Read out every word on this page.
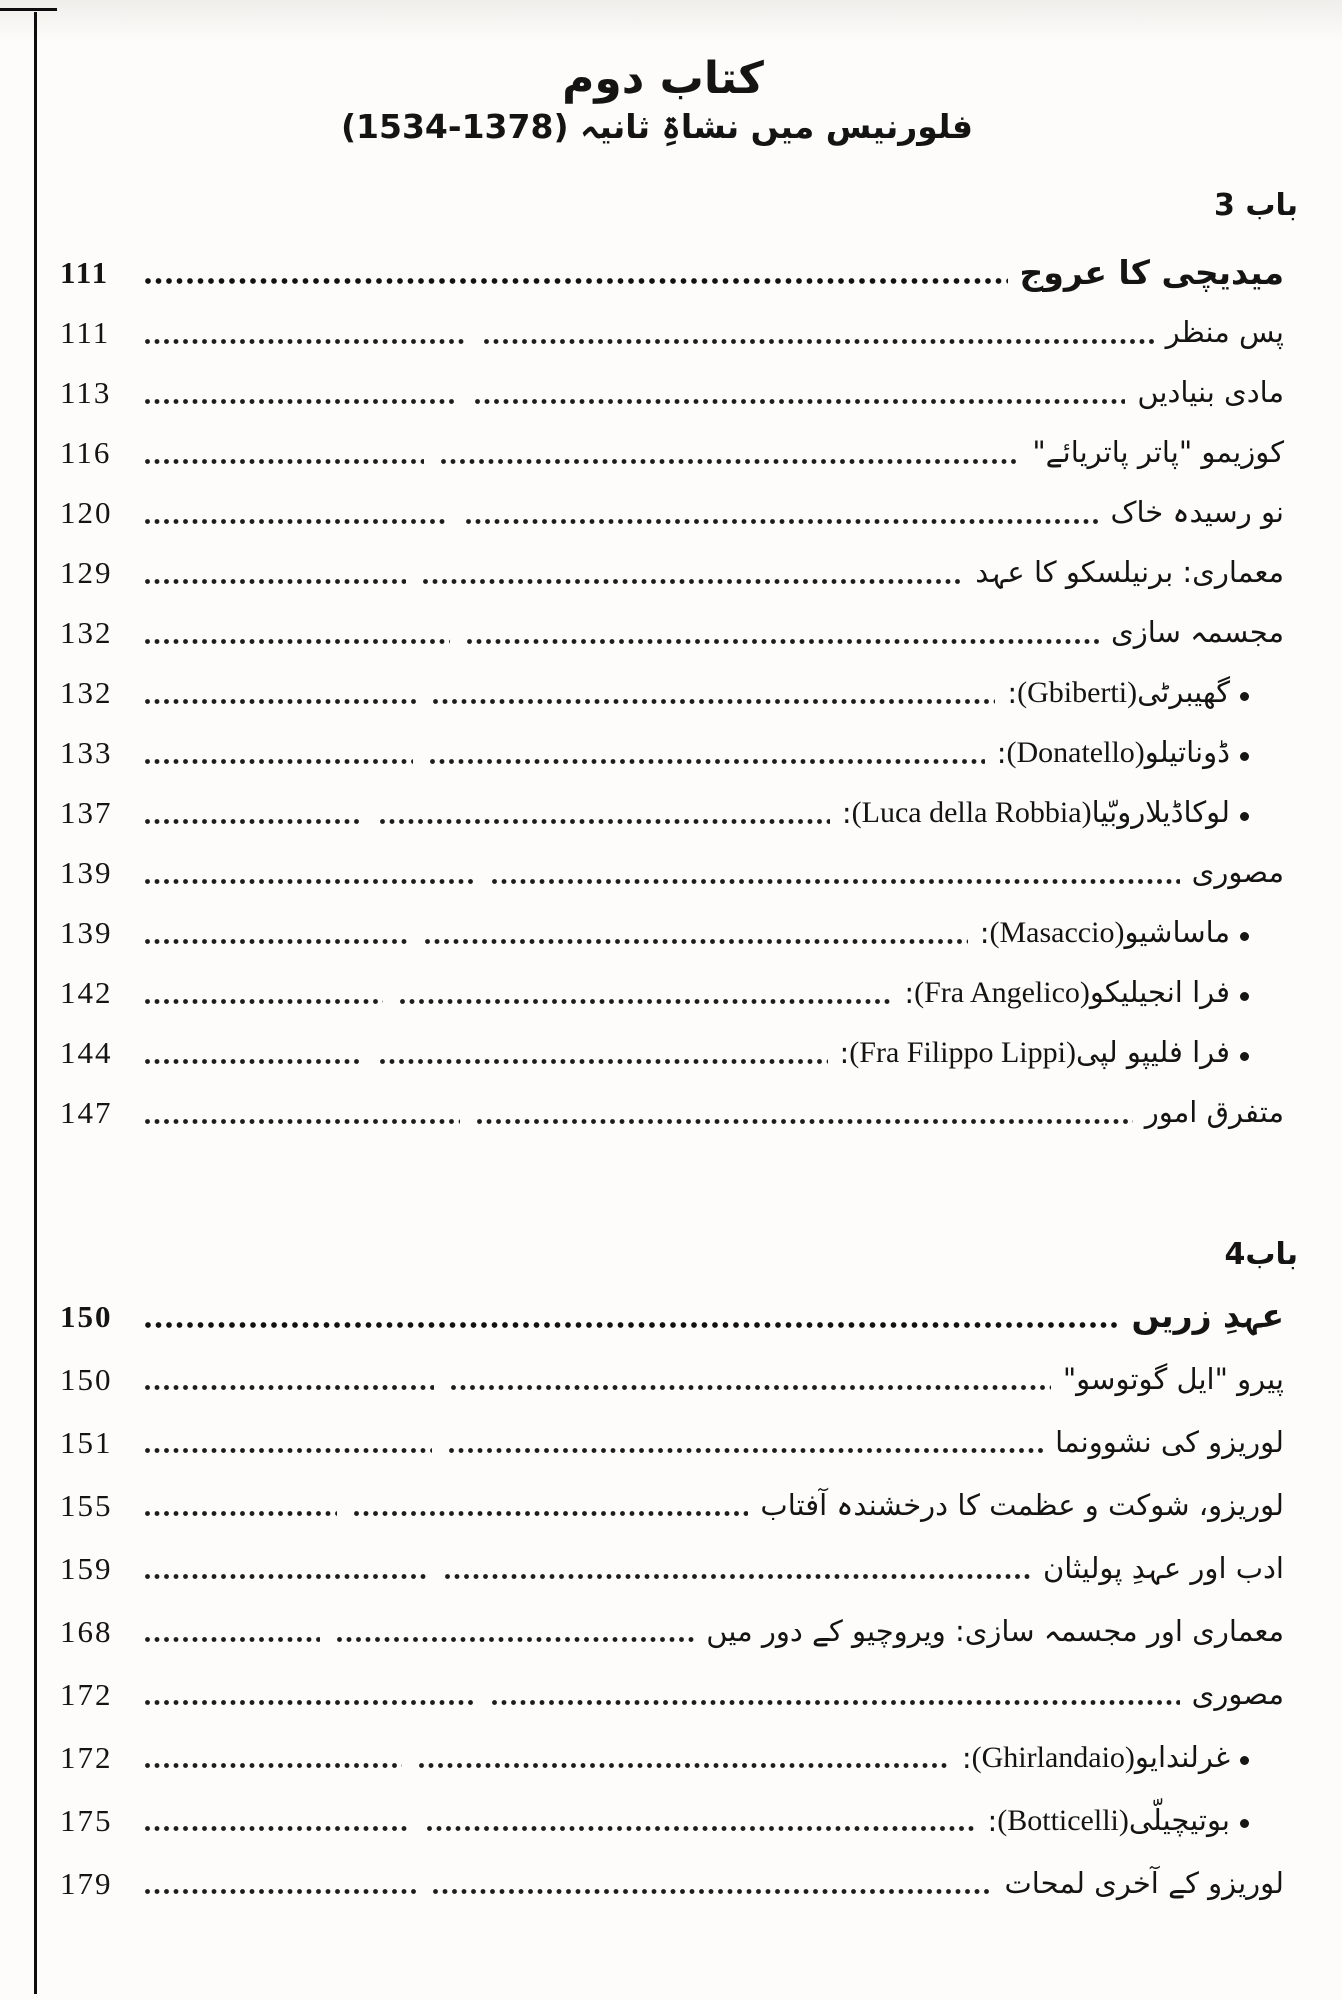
کتاب دوم
فلورنیس میں نشاۃِ ثانیہ (1378-1534)
باب 3
میدیچی کا عروج
111
پس منظر
111
مادی بنیادیں
113
کوزیمو "پاتر پاتریائے"
116
نو رسیدہ خاک
120
معماری: برنیلسکو کا عہد
129
مجسمہ سازی
132
گھیبرٹی
(Gbiberti)
:
132
ڈوناتیلو
(Donatello)
:
133
لوکاڈیلاروبّیا
(Luca della Robbia)
:
137
مصوری
139
ماساشیو
(Masaccio)
:
139
فرا انجیلیکو
(Fra Angelico)
:
142
فرا فلیپو لپی
(Fra Filippo Lippi)
:
144
متفرق امور
147
باب4
عہدِ زریں
150
پیرو "ایل گوتوسو"
150
لوریزو کی نشوونما
151
لوریزو، شوکت و عظمت کا درخشندہ آفتاب
155
ادب اور عہدِ پولیثان
159
معماری اور مجسمہ سازی: ویروچیو کے دور میں
168
مصوری
172
غرلندایو
(Ghirlandaio)
:
172
بوتیچیلّی
(Botticelli)
:
175
لوریزو کے آخری لمحات
179
